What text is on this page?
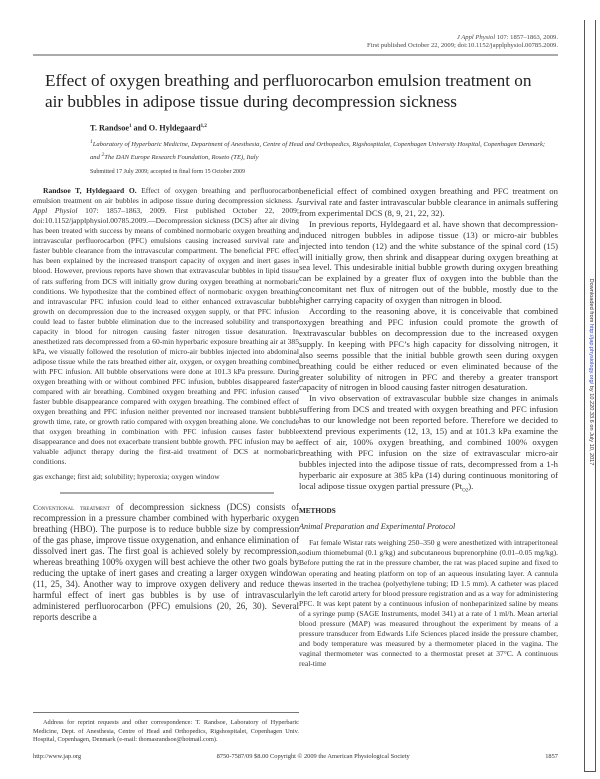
J Appl Physiol 107: 1857–1863, 2009.
First published October 22, 2009; doi:10.1152/japplphysiol.00785.2009.
Effect of oxygen breathing and perfluorocarbon emulsion treatment on air bubbles in adipose tissue during decompression sickness
T. Randsoe$^1$ and O. Hyldegaard$^{1,2}$
$^1$Laboratory of Hyperbaric Medicine, Department of Anesthesia, Centre of Head and Orthopedics, Rigshospitalet, Copenhagen University Hospital, Copenhagen Denmark; and $^2$The DAN Europe Research Foundation, Roseto (TE), Italy
Submitted 17 July 2009; accepted in final form 15 October 2009
Randsoe T, Hyldegaard O. Effect of oxygen breathing and perfluorocarbon emulsion treatment on air bubbles in adipose tissue during decompression sickness. J Appl Physiol 107: 1857–1863, 2009. First published October 22, 2009; doi:10.1152/japplphysiol.00785.2009.—Decompression sickness (DCS) after air diving has been treated with success by means of combined normobaric oxygen breathing and intravascular perfluorocarbon (PFC) emulsions causing increased survival rate and faster bubble clearance from the intravascular compartment. The beneficial PFC effect has been explained by the increased transport capacity of oxygen and inert gases in blood. However, previous reports have shown that extravascular bubbles in lipid tissue of rats suffering from DCS will initially grow during oxygen breathing at normobaric conditions. We hypothesize that the combined effect of normobaric oxygen breathing and intravascular PFC infusion could lead to either enhanced extravascular bubble growth on decompression due to the increased oxygen supply, or that PFC infusion could lead to faster bubble elimination due to the increased solubility and transport capacity in blood for nitrogen causing faster nitrogen tissue desaturation. In anesthetized rats decompressed from a 60-min hyperbaric exposure breathing air at 385 kPa, we visually followed the resolution of micro-air bubbles injected into abdominal adipose tissue while the rats breathed either air, oxygen, or oxygen breathing combined with PFC infusion. All bubble observations were done at 101.3 kPa pressure. During oxygen breathing with or without combined PFC infusion, bubbles disappeared faster compared with air breathing. Combined oxygen breathing and PFC infusion caused faster bubble disappearance compared with oxygen breathing. The combined effect of oxygen breathing and PFC infusion neither prevented nor increased transient bubble growth time, rate, or growth ratio compared with oxygen breathing alone. We conclude that oxygen breathing in combination with PFC infusion causes faster bubble disappearance and does not exacerbate transient bubble growth. PFC infusion may be a valuable adjunct therapy during the first-aid treatment of DCS at normobaric conditions.
gas exchange; first aid; solubility; hyperoxia; oxygen window
Conventional treatment of decompression sickness (DCS) consists of recompression in a pressure chamber combined with hyperbaric oxygen breathing (HBO). The purpose is to reduce bubble size by compression of the gas phase, improve tissue oxygenation, and enhance elimination of dissolved inert gas. The first goal is achieved solely by recompression, whereas breathing 100% oxygen will best achieve the other two goals by reducing the uptake of inert gases and creating a larger oxygen window (11, 25, 34). Another way to improve oxygen delivery and reduce the harmful effect of inert gas bubbles is by use of intravascularly administered perfluorocarbon (PFC) emulsions (20, 26, 30). Several reports describe a
Address for reprint requests and other correspondence: T. Randsoe, Laboratory of Hyperbaric Medicine, Dept. of Anesthesia, Centre of Head and Orthopedics, Rigshospitalet, Copenhagen Univ. Hospital, Copenhagen, Denmark (e-mail: thomasrandsoe@hotmail.com).

beneficial effect of combined oxygen breathing and PFC treatment on survival rate and faster intravascular bubble clearance in animals suffering from experimental DCS (8, 9, 21, 22, 32).

In previous reports, Hyldegaard et al. have shown that decompression-induced nitrogen bubbles in adipose tissue (13) or micro-air bubbles injected into tendon (12) and the white substance of the spinal cord (15) will initially grow, then shrink and disappear during oxygen breathing at sea level. This undesirable initial bubble growth during oxygen breathing can be explained by a greater flux of oxygen into the bubble than the concomitant net flux of nitrogen out of the bubble, mostly due to the higher carrying capacity of oxygen than nitrogen in blood.

According to the reasoning above, it is conceivable that combined oxygen breathing and PFC infusion could promote the growth of extravascular bubbles on decompression due to the increased oxygen supply. In keeping with PFC’s high capacity for dissolving nitrogen, it also seems possible that the initial bubble growth seen during oxygen breathing could be either reduced or even eliminated because of the greater solubility of nitrogen in PFC and thereby a greater transport capacity of nitrogen in blood causing faster nitrogen desaturation.

In vivo observation of extravascular bubble size changes in animals suffering from DCS and treated with oxygen breathing and PFC infusion has to our knowledge not been reported before. Therefore we decided to extend previous experiments (12, 13, 15) and at 101.3 kPa examine the effect of air, 100% oxygen breathing, and combined 100% oxygen breathing with PFC infusion on the size of extravascular micro-air bubbles injected into the adipose tissue of rats, decompressed from a 1-h hyperbaric air exposure at 385 kPa (14) during continuous monitoring of local adipose tissue oxygen partial pressure $(Pt_{O2})$.

METHODS
Animal Preparation and Experimental Protocol
Fat female Wistar rats weighing 250–350 g were anesthetized with intraperitoneal sodium thiomebumal (0.1 g/kg) and subcutaneous buprenorphine (0.01–0.05 mg/kg). Before putting the rat in the pressure chamber, the rat was placed supine and fixed to an operating and heating platform on top of an aqueous insulating layer. A cannula was inserted in the trachea (polyethylene tubing; ID 1.5 mm). A catheter was placed in the left carotid artery for blood pressure registration and as a way for administering PFC. It was kept patent by a continuous infusion of nonheparinized saline by means of a syringe pump (SAGE Instruments, model 341) at a rate of 1 ml/h. Mean arterial blood pressure (MAP) was measured throughout the experiment by means of a pressure transducer from Edwards Life Sciences placed inside the pressure chamber, and body temperature was measured by a thermometer placed in the vagina. The vaginal thermometer was connected to a thermostat preset at 37°C. A continuous real-time
http://www.jap.org	8750-7587/09 $8.00 Copyright © 2009 the American Physiological Society	1857
Downloaded from http://jap.physiology.org/ by 10.220.33.6 on July 10, 2017
